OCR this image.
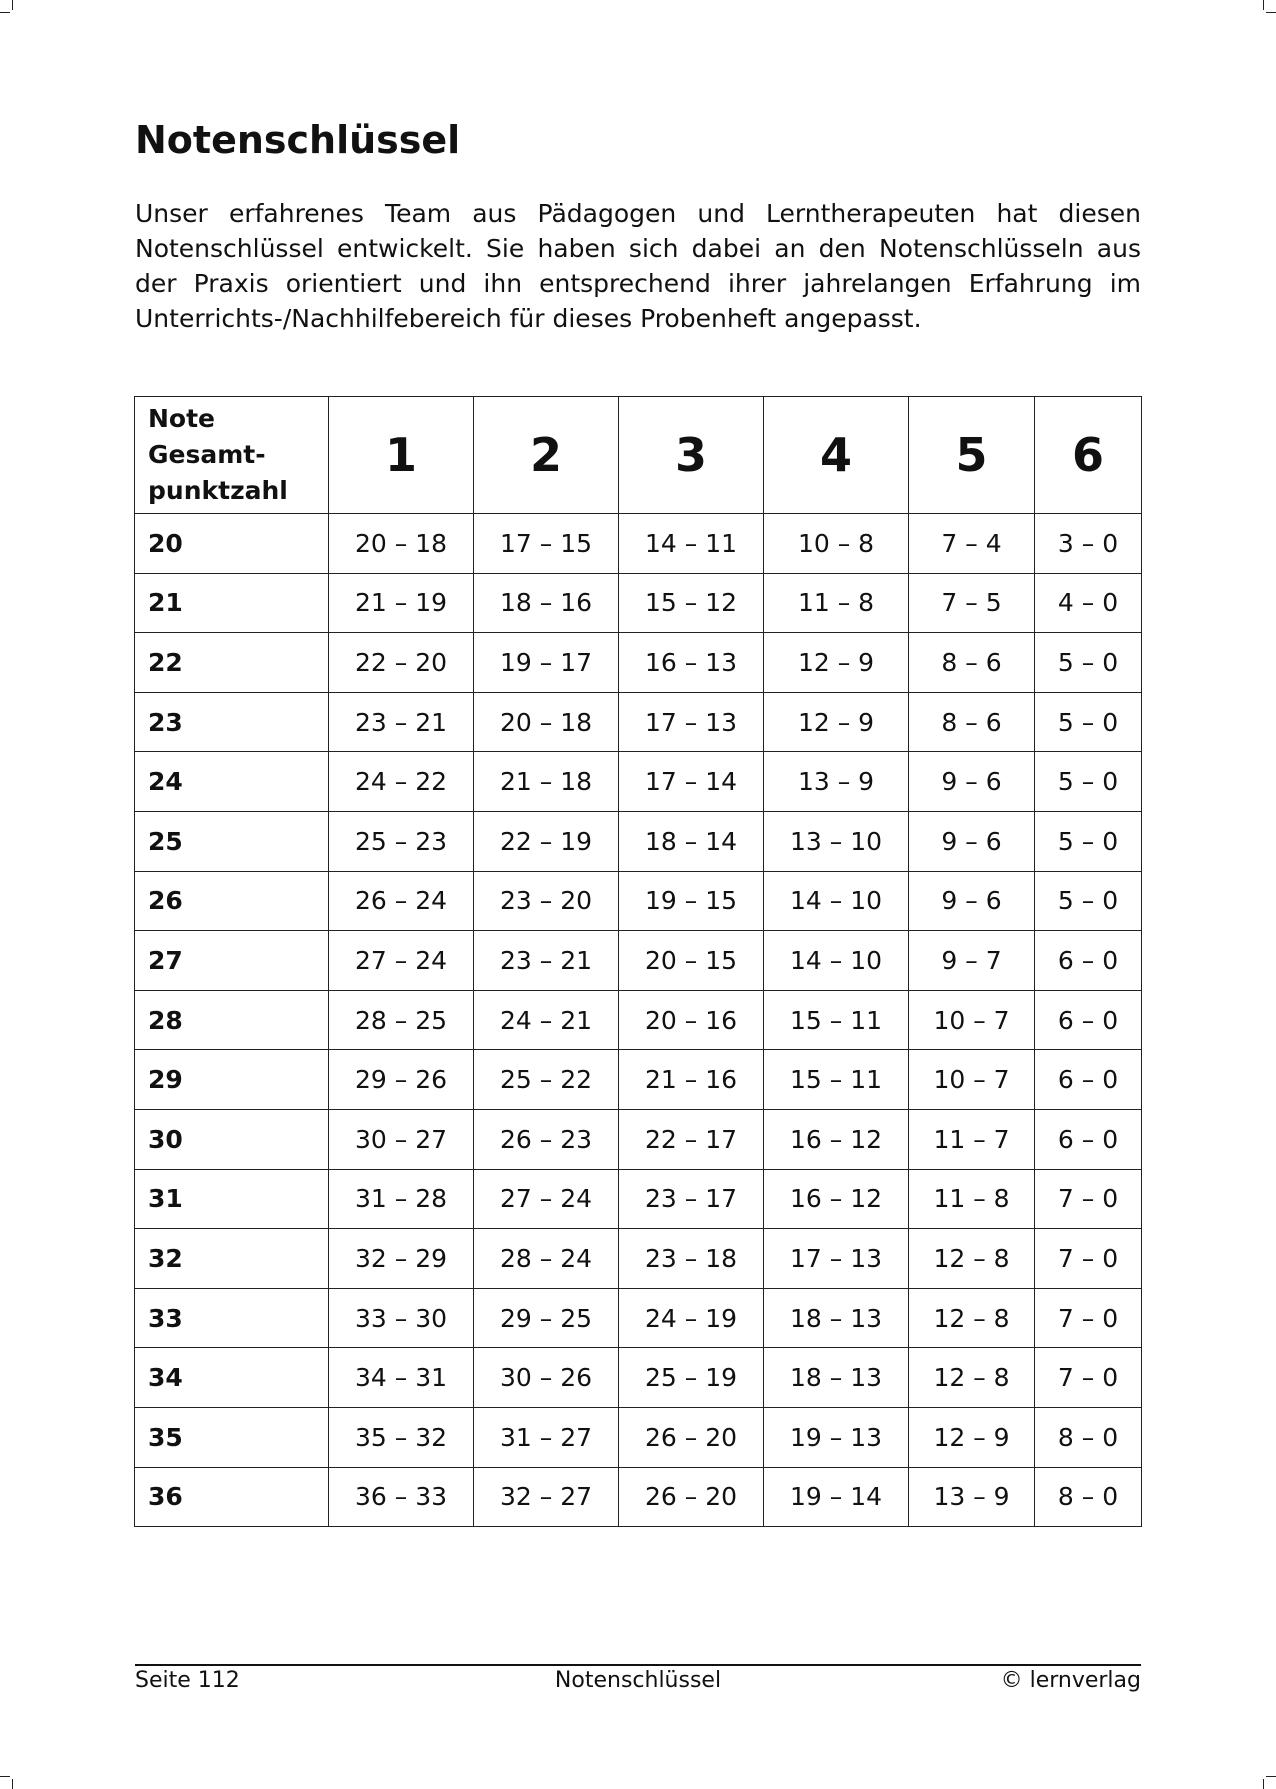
Notenschlüssel

Unser erfahrenes Team aus Pädagogen und Lerntherapeuten hat diesen Notenschlüssel entwickelt. Sie haben sich dabei an den Notenschlüsseln aus der Praxis orientiert und ihn entsprechend ihrer jahrelangen Erfahrung im Unterrichts-/Nachhilfebereich für dieses Probenheft angepasst.

Note
Gesamt-
punktzahl	1	2	3	4	5	6
20	20 – 18	17 – 15	14 – 11	10 – 8	7 – 4	3 – 0
21	21 – 19	18 – 16	15 – 12	11 – 8	7 – 5	4 – 0
22	22 – 20	19 – 17	16 – 13	12 – 9	8 – 6	5 – 0
23	23 – 21	20 – 18	17 – 13	12 – 9	8 – 6	5 – 0
24	24 – 22	21 – 18	17 – 14	13 – 9	9 – 6	5 – 0
25	25 – 23	22 – 19	18 – 14	13 – 10	9 – 6	5 – 0
26	26 – 24	23 – 20	19 – 15	14 – 10	9 – 6	5 – 0
27	27 – 24	23 – 21	20 – 15	14 – 10	9 – 7	6 – 0
28	28 – 25	24 – 21	20 – 16	15 – 11	10 – 7	6 – 0
29	29 – 26	25 – 22	21 – 16	15 – 11	10 – 7	6 – 0
30	30 – 27	26 – 23	22 – 17	16 – 12	11 – 7	6 – 0
31	31 – 28	27 – 24	23 – 17	16 – 12	11 – 8	7 – 0
32	32 – 29	28 – 24	23 – 18	17 – 13	12 – 8	7 – 0
33	33 – 30	29 – 25	24 – 19	18 – 13	12 – 8	7 – 0
34	34 – 31	30 – 26	25 – 19	18 – 13	12 – 8	7 – 0
35	35 – 32	31 – 27	26 – 20	19 – 13	12 – 9	8 – 0
36	36 – 33	32 – 27	26 – 20	19 – 14	13 – 9	8 – 0
Seite 112	Notenschlüssel	© lernverlag
